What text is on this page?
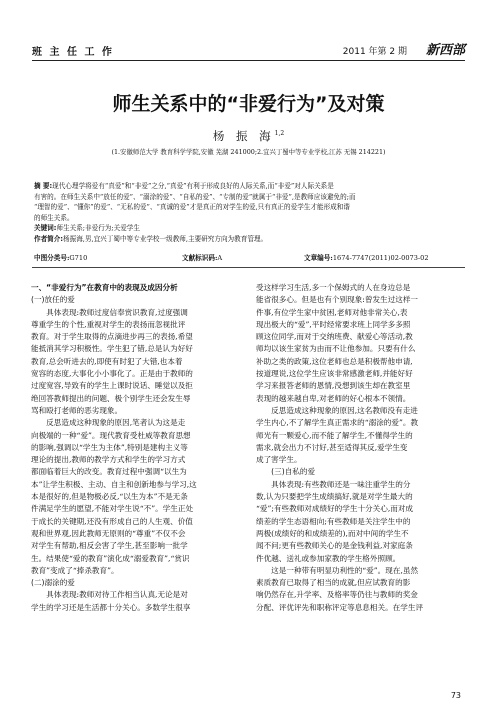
班 主 任 工 作	2011 年第 2 期 新西部
师生关系中的“非爱行为”及对策
杨 振 海$^{1,2}$
(1.安徽师范大学 教育科学学院,安徽 芜湖 241000;2.宜兴丁蜀中等专业学校,江苏 无锡 214221)
摘 要:现代心理学将爱有“真爱”和“非爱”之分,“真爱”有利于形成良好的人际关系,而“非爱”对人际关系是
有害的。在师生关系中“放任的爱”、“溺涂的爱”、“自私的爱”、“专制的爱”就属于“非爱”,是教师应该避免的;而
“理智的爱”、“懂你”的爱”、“无私的爱”、“真诚的爱”才是真正的对学生的爱,只有真正的爱学生才能形成和谐
的师生关系。
关键词:师生关系;非爱行为;关爱学生
作者简介:杨振海,男,宜兴丁蜀中等专业学校一级教师,主要研究方向为教育管理。
中图分类号:G710	文献标识码:A	文章编号:1674-7747(2011)02-0073-02
一、“非爱行为”在教育中的表现及成因分析
(一)放任的爱
　　具体表现:教师过度信奉赏识教育,过度强调
尊重学生的个性,重视对学生的表扬而忽视批评
教育。对于学生取得的点滴进步再三的表扬,希望
能抵消其学习积极性。学生犯了错,总是认为好好
教育,总会听进去的,即使有时犯了大错,也本着
宽容的态度,大事化小小事化了。正是由于教师的
过度宽容,导致有的学生上课时说话、睡觉以及拒
绝回答教师提出的问题、极个别学生还会发生辱
骂和殴打老师的恶劣现象。
　　反思造成这种现象的原因,笔者认为这是走
向极端的一种“爱”。现代教育受杜威等教育思想
的影响,强调以“学生为主体”,特别是建构主义等
理论的提出,教师的教学方式和学生的学习方式
都面临着巨大的改变。教育过程中强调“以生为
本”让学生积极、主动、自主和创新地参与学习,这
本是很好的,但是物极必反,“以生为本”不是无条
件满足学生的愿望,不能对学生说“不”。学生正处
于成长的关键期,还没有形成自己的人生观、价值
观和世界观,因此教师无原则的“尊重”不仅不会
对学生有帮助,相反会害了学生,甚至影响一批学
生。结果使“爱的教育”演化成“溺爱教育”,“赏识
教育”变成了“捧杀教育”。
(二)溺涂的爱
　　具体表现:教师对待工作相当认真,无论是对
学生的学习还是生活都十分关心。多数学生很享
受这样学习生活,多一个保姆式的人在身边总是
能省很多心。但是也有个别现象:曾发生过这样一
件事,有位学生家中贫困,老师对他非常关心,表
现出极大的“爱”,平时经常要求班上同学多多照
顾这位同学,而对于交纳班费、献爱心等活动,教
师均以该生家贫为由而不让他参加。只要有什么
补助之类的政策,这位老师也总是积极帮他申请,
按道理说,这位学生应该非常感激老师,并能好好
学习来报答老师的恩情,没想到该生却在教室里
表现的越来越自卑,对老师的好心根本不领情。
　　反思造成这种现象的原因,这名教师没有走进
学生内心,不了解学生真正需求的“溺涂的爱”。教
师光有一颗爱心,而不能了解学生,不懂得学生的
需求,就会出力不讨好,甚至适得其反,爱学生变
成了害学生。
　　(三)自私的爱
　　具体表现:有些教师还是一味注重学生的分
数,认为只要把学生成绩搞好,就是对学生最大的
“爱”;有些教师对成绩好的学生十分关心,而对成
绩差的学生态语相向;有些教师是关注学生中的
两极(成绩好的和成绩差的),而对中间的学生不
闻不问;更有些教师关心的是金钱利益,对家庭条
件优越、送礼或参加家教的学生格外照顾。
　　这是一种带有明显功利性的“爱”。现在,虽然
素质教育已取得了相当的成就,但应试教育的影
响仍然存在,升学率、及格率等仍往与教师的奖金
分配、评优评先和职称评定等息息相关。在学生评
73
